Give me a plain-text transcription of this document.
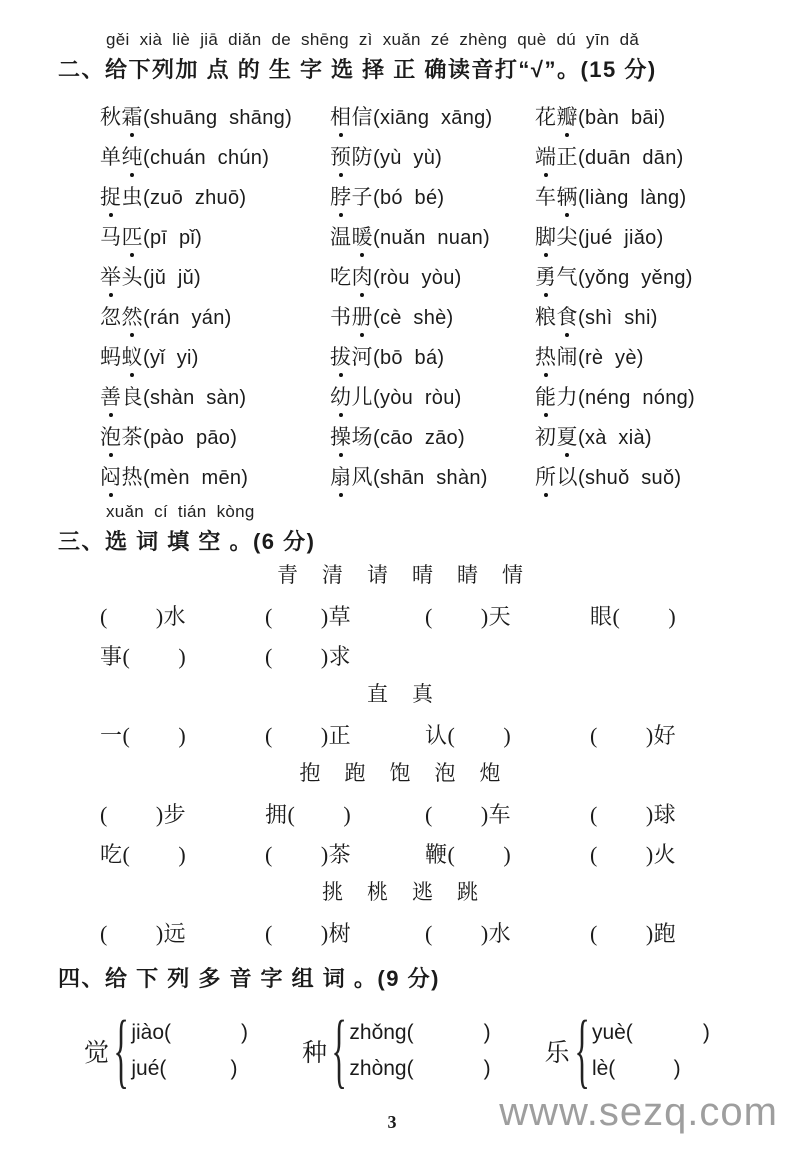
gěi xià liè jiā diǎn de shēng zì xuǎn zé zhèng què dú yīn dǎ
二、给下列加 点 的 生 字 选 择 正 确读音打“√”。(15 分)
秋霜(shuāng  shāng)	相信(xiāng  xāng)	花瓣(bàn  bāi)
单纯(chuán  chún)	预防(yù  yù)	端正(duān  dān)
捉虫(zuō  zhuō)	脖子(bó  bé)	车辆(liàng  làng)
马匹(pī  pǐ)	温暖(nuǎn  nuan)	脚尖(jué  jiǎo)
举头(jǔ  jǔ)	吃肉(ròu  yòu)	勇气(yǒng  yěng)
忽然(rán  yán)	书册(cè  shè)	粮食(shì  shi)
蚂蚁(yǐ  yi)	拔河(bō  bá)	热闹(rè  yè)
善良(shàn  sàn)	幼儿(yòu  ròu)	能力(néng  nóng)
泡茶(pào  pāo)	操场(cāo  zāo)	初夏(xà  xià)
闷热(mèn  mēn)	扇风(shān  shàn)	所以(shuǒ  suǒ)
xuǎn cí tián kòng
三、选 词 填 空 。(6 分)
青清请晴睛情
(        )水	(        )草	(        )天	眼(        )
事(        )	(        )求
直真
一(        )	(        )正	认(        )	(        )好
抱跑饱泡炮
(        )步	拥(        )	(        )车	(        )球
吃(        )	(        )茶	鞭(        )	(        )火
挑桃逃跳
(        )远	(        )树	(        )水	(        )跑
四、给 下 列 多 音 字 组 词 。(9 分)
觉 { jiào(            )
jué(           )
种 { zhǒng(            )
zhòng(            )
乐 { yuè(            )
lè(          )
3	www.sezq.com
